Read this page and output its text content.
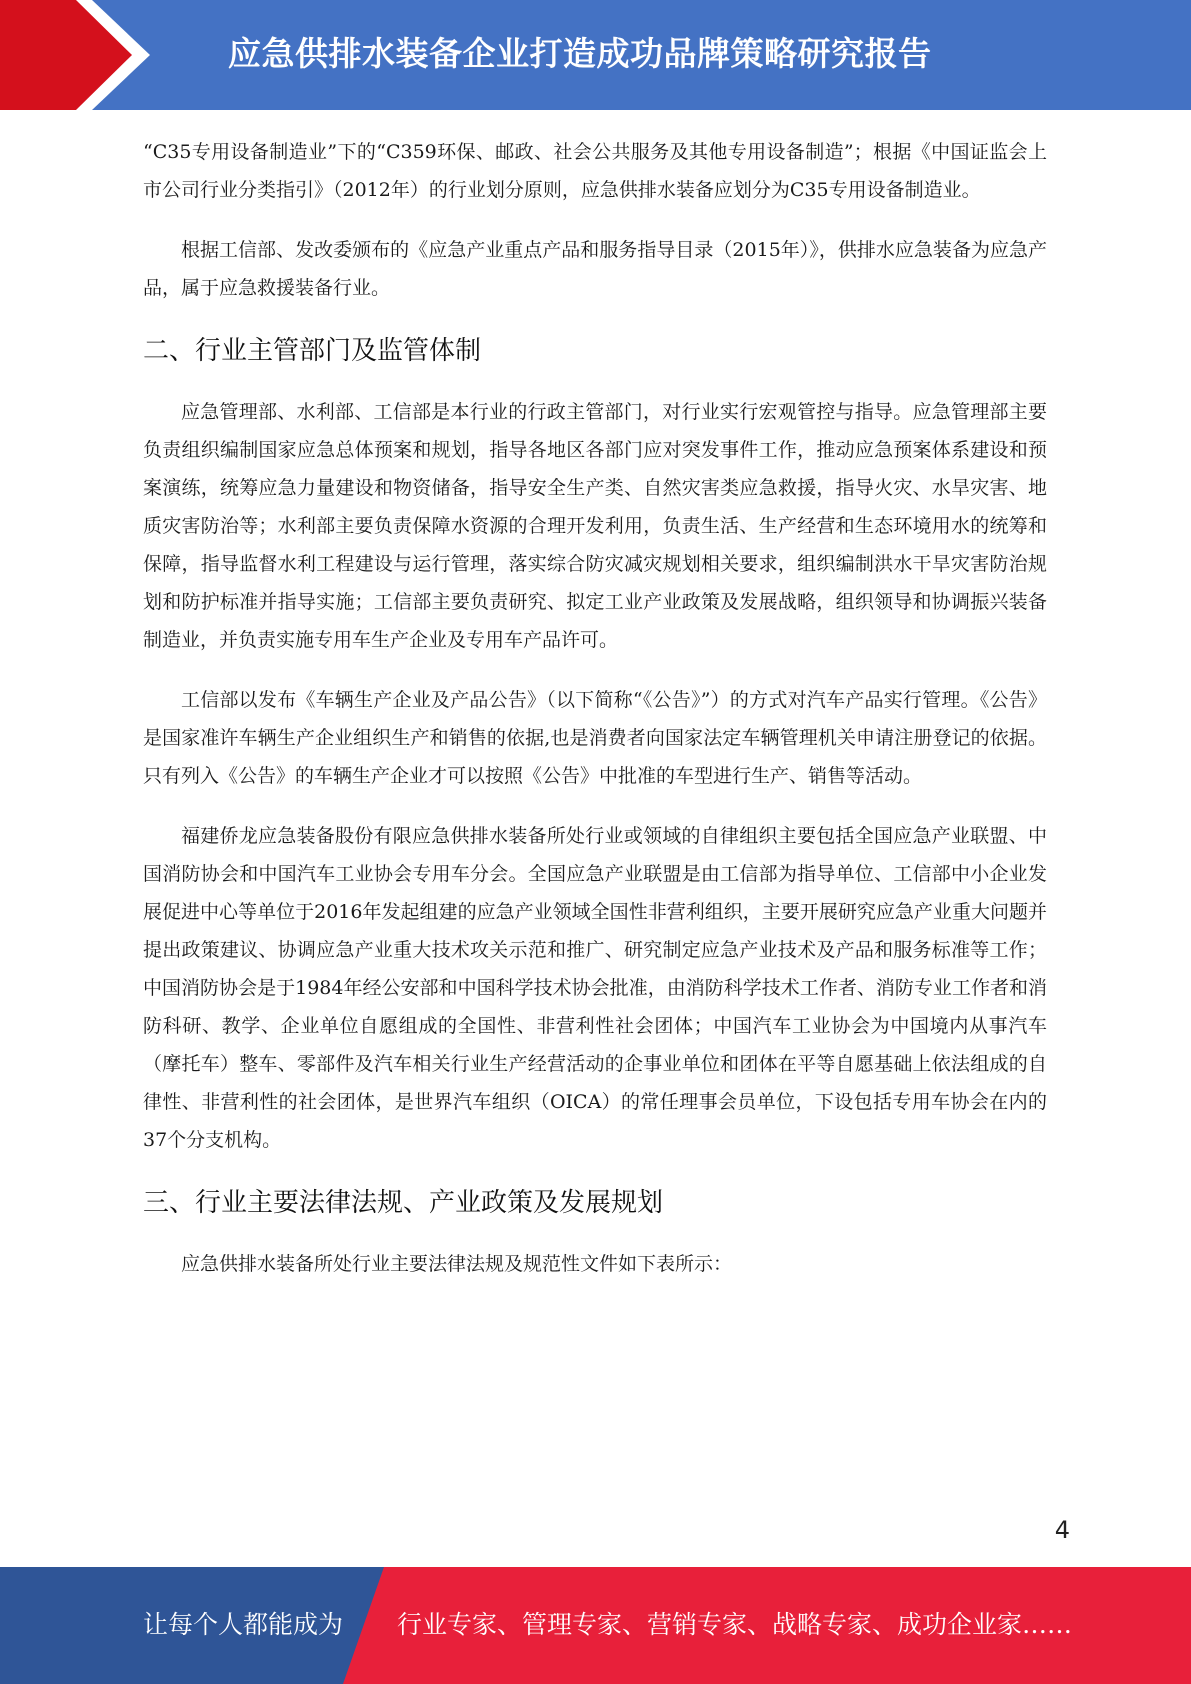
应急供排水装备企业打造成功品牌策略研究报告

“C35专用设备制造业”下的“C359环保、邮政、社会公共服务及其他专用设备制造”；根据《中国证监会上市公司行业分类指引》（2012年）的行业划分原则，应急供排水装备应划分为C35专用设备制造业。

根据工信部、发改委颁布的《应急产业重点产品和服务指导目录（2015年）》，供排水应急装备为应急产品，属于应急救援装备行业。

二、行业主管部门及监管体制

应急管理部、水利部、工信部是本行业的行政主管部门，对行业实行宏观管控与指导。应急管理部主要负责组织编制国家应急总体预案和规划，指导各地区各部门应对突发事件工作，推动应急预案体系建设和预案演练，统筹应急力量建设和物资储备，指导安全生产类、自然灾害类应急救援，指导火灾、水旱灾害、地质灾害防治等；水利部主要负责保障水资源的合理开发利用，负责生活、生产经营和生态环境用水的统筹和保障，指导监督水利工程建设与运行管理，落实综合防灾减灾规划相关要求，组织编制洪水干旱灾害防治规划和防护标准并指导实施；工信部主要负责研究、拟定工业产业政策及发展战略，组织领导和协调振兴装备制造业，并负责实施专用车生产企业及专用车产品许可。

工信部以发布《车辆生产企业及产品公告》（以下简称“《公告》”）的方式对汽车产品实行管理。《公告》是国家准许车辆生产企业组织生产和销售的依据,也是消费者向国家法定车辆管理机关申请注册登记的依据。只有列入《公告》的车辆生产企业才可以按照《公告》中批准的车型进行生产、销售等活动。

福建侨龙应急装备股份有限应急供排水装备所处行业或领域的自律组织主要包括全国应急产业联盟、中国消防协会和中国汽车工业协会专用车分会。全国应急产业联盟是由工信部为指导单位、工信部中小企业发展促进中心等单位于2016年发起组建的应急产业领域全国性非营利组织，主要开展研究应急产业重大问题并提出政策建议、协调应急产业重大技术攻关示范和推广、研究制定应急产业技术及产品和服务标准等工作；中国消防协会是于1984年经公安部和中国科学技术协会批准，由消防科学技术工作者、消防专业工作者和消防科研、教学、企业单位自愿组成的全国性、非营利性社会团体；中国汽车工业协会为中国境内从事汽车（摩托车）整车、零部件及汽车相关行业生产经营活动的企事业单位和团体在平等自愿基础上依法组成的自律性、非营利性的社会团体，是世界汽车组织（OICA）的常任理事会员单位，下设包括专用车协会在内的37个分支机构。

三、行业主要法律法规、产业政策及发展规划

应急供排水装备所处行业主要法律法规及规范性文件如下表所示：

4
让每个人都能成为 行业专家、管理专家、营销专家、战略专家、成功企业家……
